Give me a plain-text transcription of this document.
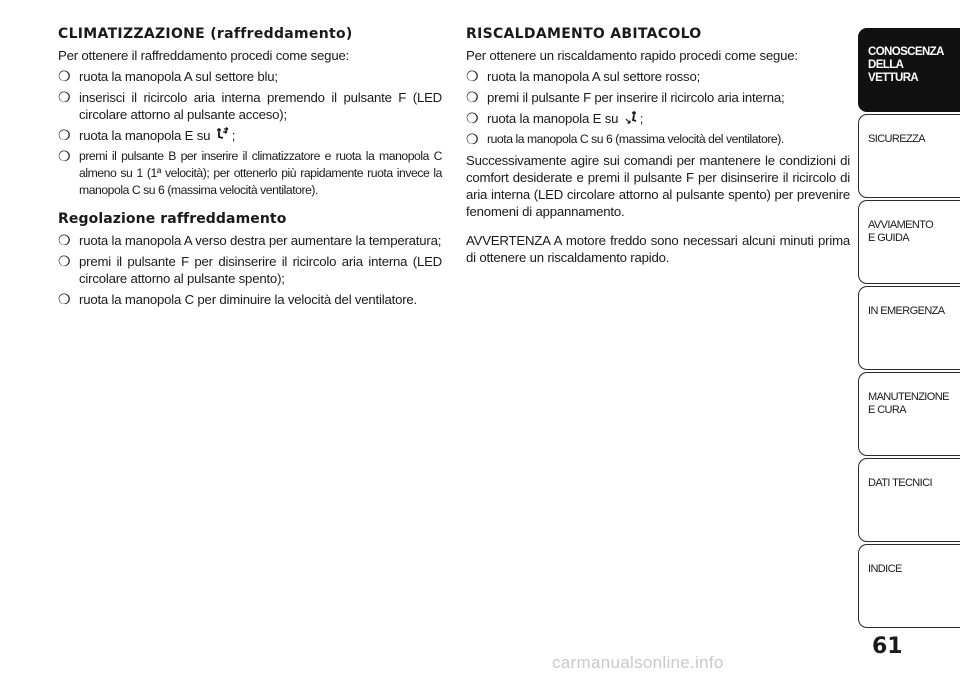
CLIMATIZZAZIONE (raffreddamento)

Per ottenere il raffreddamento procedi come segue:

❍ ruota la manopola A sul settore blu;
❍ inserisci il ricircolo aria interna premendo il pulsante F (LED circolare attorno al pulsante acceso);
❍ ruota la manopola E su ;
❍ premi il pulsante B per inserire il climatizzatore e ruota la manopola C almeno su 1 (1ª velocità); per ottenerlo più rapidamente ruota invece la manopola C su 6 (massima velocità ventilatore).
Regolazione raffreddamento
❍ ruota la manopola A verso destra per aumentare la temperatura;
❍ premi il pulsante F per disinserire il ricircolo aria interna (LED circolare attorno al pulsante spento);
❍ ruota la manopola C per diminuire la velocità del ventilatore.
RISCALDAMENTO ABITACOLO

Per ottenere un riscaldamento rapido procedi come segue:

❍ ruota la manopola A sul settore rosso;
❍ premi il pulsante F per inserire il ricircolo aria interna;
❍ ruota la manopola E su ;
❍ ruota la manopola C su 6 (massima velocità del ventilatore).

Successivamente agire sui comandi per mantenere le condizioni di comfort desiderate e premi il pulsante F per disinserire il ricircolo di aria interna (LED circolare attorno al pulsante spento) per prevenire fenomeni di appannamento.

AVVERTENZA A motore freddo sono necessari alcuni minuti prima di ottenere un riscaldamento rapido.

CONOSCENZA
DELLA
VETTURA
SICUREZZA
AVVIAMENTO
E GUIDA
IN EMERGENZA
MANUTENZIONE
E CURA
DATI TECNICI
INDICE
61
carmanualsonline.info
